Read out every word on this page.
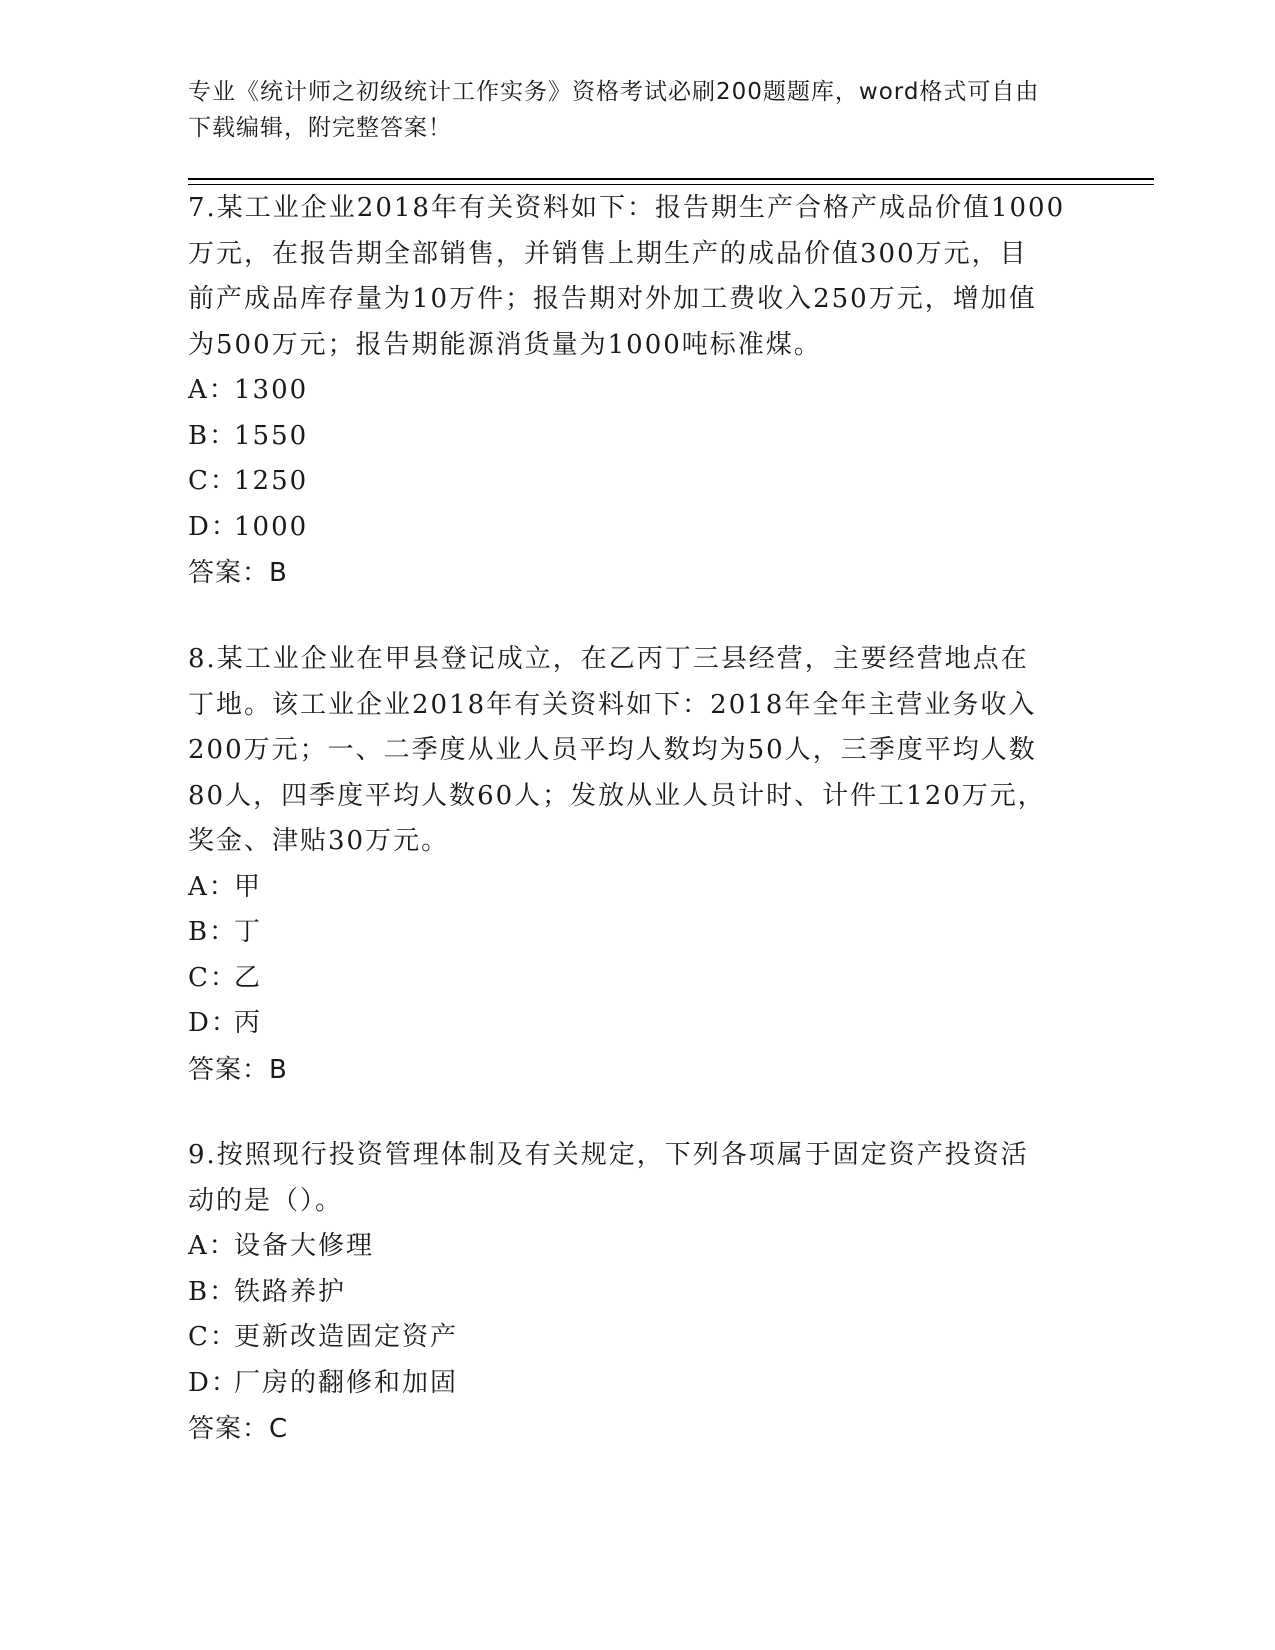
专业《统计师之初级统计工作实务》资格考试必刷200题题库，word格式可自由
下载编辑，附完整答案！
7.某工业企业2018年有关资料如下：报告期生产合格产成品价值1000
万元，在报告期全部销售，并销售上期生产的成品价值300万元，目
前产成品库存量为10万件；报告期对外加工费收入250万元，增加值
为500万元；报告期能源消货量为1000吨标准煤。
A：1300
B：1550
C：1250
D：1000
答案：B
8.某工业企业在甲县登记成立，在乙丙丁三县经营，主要经营地点在
丁地。该工业企业2018年有关资料如下：2018年全年主营业务收入
200万元；一、二季度从业人员平均人数均为50人，三季度平均人数
80人，四季度平均人数60人；发放从业人员计时、计件工120万元，
奖金、津贴30万元。
A：甲
B：丁
C：乙
D：丙
答案：B
9.按照现行投资管理体制及有关规定，下列各项属于固定资产投资活
动的是（）。
A：设备大修理
B：铁路养护
C：更新改造固定资产
D：厂房的翻修和加固
答案：C
